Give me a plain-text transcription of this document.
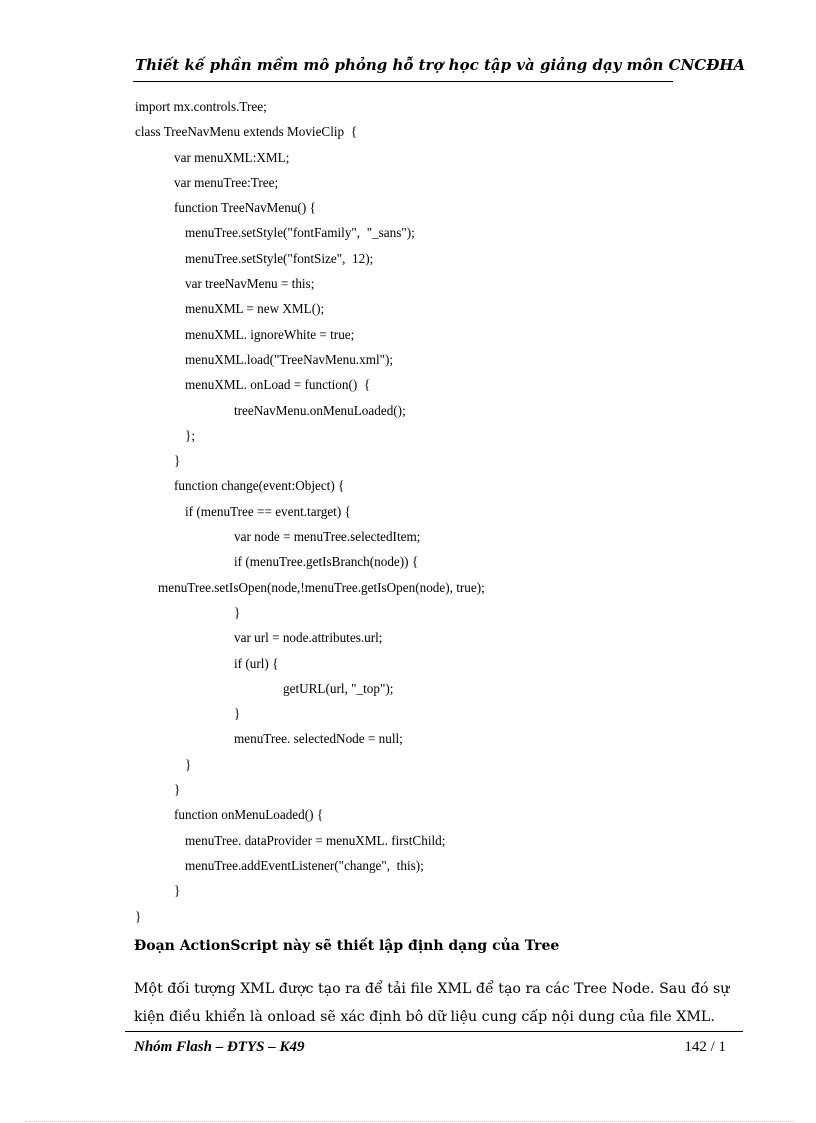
Thiết kế phần mềm mô phỏng hỗ trợ học tập và giảng dạy môn CNCĐHA
import mx.controls.Tree;
class TreeNavMenu extends MovieClip  {
var menuXML:XML;
var menuTree:Tree;
function TreeNavMenu() {
menuTree.setStyle("fontFamily",  "_sans");
menuTree.setStyle("fontSize",  12);
var treeNavMenu = this;
menuXML = new XML();
menuXML. ignoreWhite = true;
menuXML.load("TreeNavMenu.xml");
menuXML. onLoad = function()  {
treeNavMenu.onMenuLoaded();
};
}
function change(event:Object) {
if (menuTree == event.target) {
var node = menuTree.selectedItem;
if (menuTree.getIsBranch(node)) {
menuTree.setIsOpen(node,!menuTree.getIsOpen(node), true);
}
var url = node.attributes.url;
if (url) {
getURL(url, "_top");
}
menuTree. selectedNode = null;
}
}
function onMenuLoaded() {
menuTree. dataProvider = menuXML. firstChild;
menuTree.addEventListener("change",  this);
}
}
Đoạn ActionScript này sẽ thiết lập định dạng của Tree
Một đối tượng XML được tạo ra để tải file XML để tạo ra các Tree Node. Sau đó sự
kiện điều khiển là onload sẽ xác định bô dữ liệu cung cấp nội dung của file XML.
Nhóm Flash – ĐTYS – K49	142 / 1
